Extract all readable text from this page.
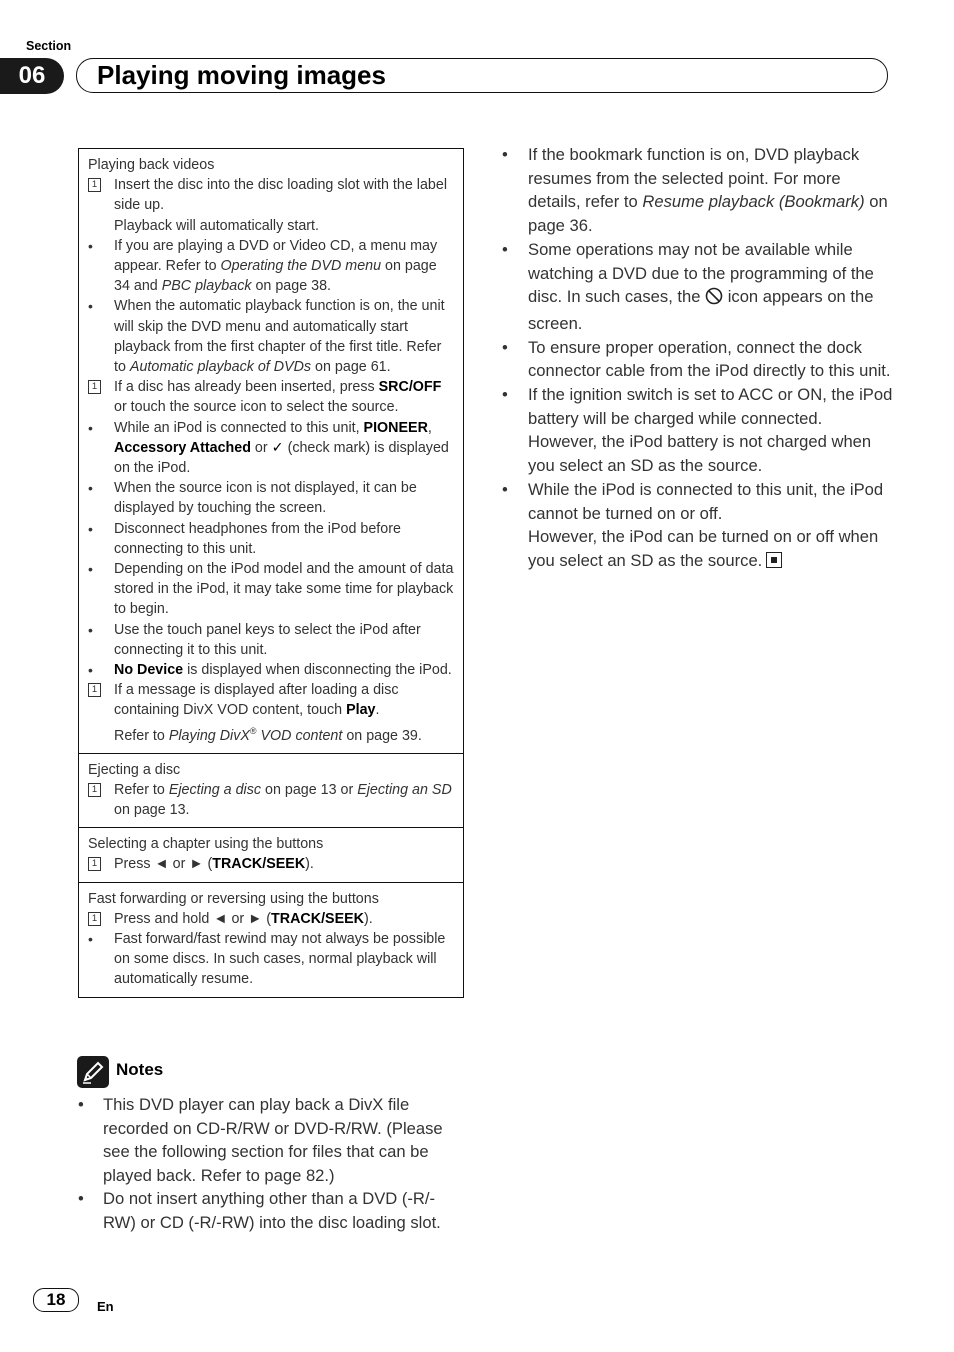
Section
06	Playing moving images
Playing back videos
1 Insert the disc into the disc loading slot with the label side up.
Playback will automatically start.
• If you are playing a DVD or Video CD, a menu may appear. Refer to Operating the DVD menu on page 34 and PBC playback on page 38.
• When the automatic playback function is on, the unit will skip the DVD menu and automatically start playback from the first chapter of the first title. Refer to Automatic playback of DVDs on page 61.
1 If a disc has already been inserted, press SRC/OFF or touch the source icon to select the source.
• While an iPod is connected to this unit, PIONEER, Accessory Attached or ✓ (check mark) is displayed on the iPod.
• When the source icon is not displayed, it can be displayed by touching the screen.
• Disconnect headphones from the iPod before connecting to this unit.
• Depending on the iPod model and the amount of data stored in the iPod, it may take some time for playback to begin.
• Use the touch panel keys to select the iPod after connecting it to this unit.
• No Device is displayed when disconnecting the iPod.
1 If a message is displayed after loading a disc containing DivX VOD content, touch Play.
Refer to Playing DivX® VOD content on page 39.
Ejecting a disc
1 Refer to Ejecting a disc on page 13 or Ejecting an SD on page 13.
Selecting a chapter using the buttons
1 Press ◄ or ► (TRACK/SEEK).
Fast forwarding or reversing using the buttons
1 Press and hold ◄ or ► (TRACK/SEEK).
• Fast forward/fast rewind may not always be possible on some discs. In such cases, normal playback will automatically resume.
Notes
• This DVD player can play back a DivX file recorded on CD-R/RW or DVD-R/RW. (Please see the following section for files that can be played back. Refer to page 82.)
• Do not insert anything other than a DVD (-R/-RW) or CD (-R/-RW) into the disc loading slot.
• If the bookmark function is on, DVD playback resumes from the selected point. For more details, refer to Resume playback (Bookmark) on page 36.
• Some operations may not be available while watching a DVD due to the programming of the disc. In such cases, the  icon appears on the screen.
• To ensure proper operation, connect the dock connector cable from the iPod directly to this unit.
• If the ignition switch is set to ACC or ON, the iPod battery will be charged while connected. However, the iPod battery is not charged when you select an SD as the source.
• While the iPod is connected to this unit, the iPod cannot be turned on or off.
However, the iPod can be turned on or off when you select an SD as the source.
18	En
